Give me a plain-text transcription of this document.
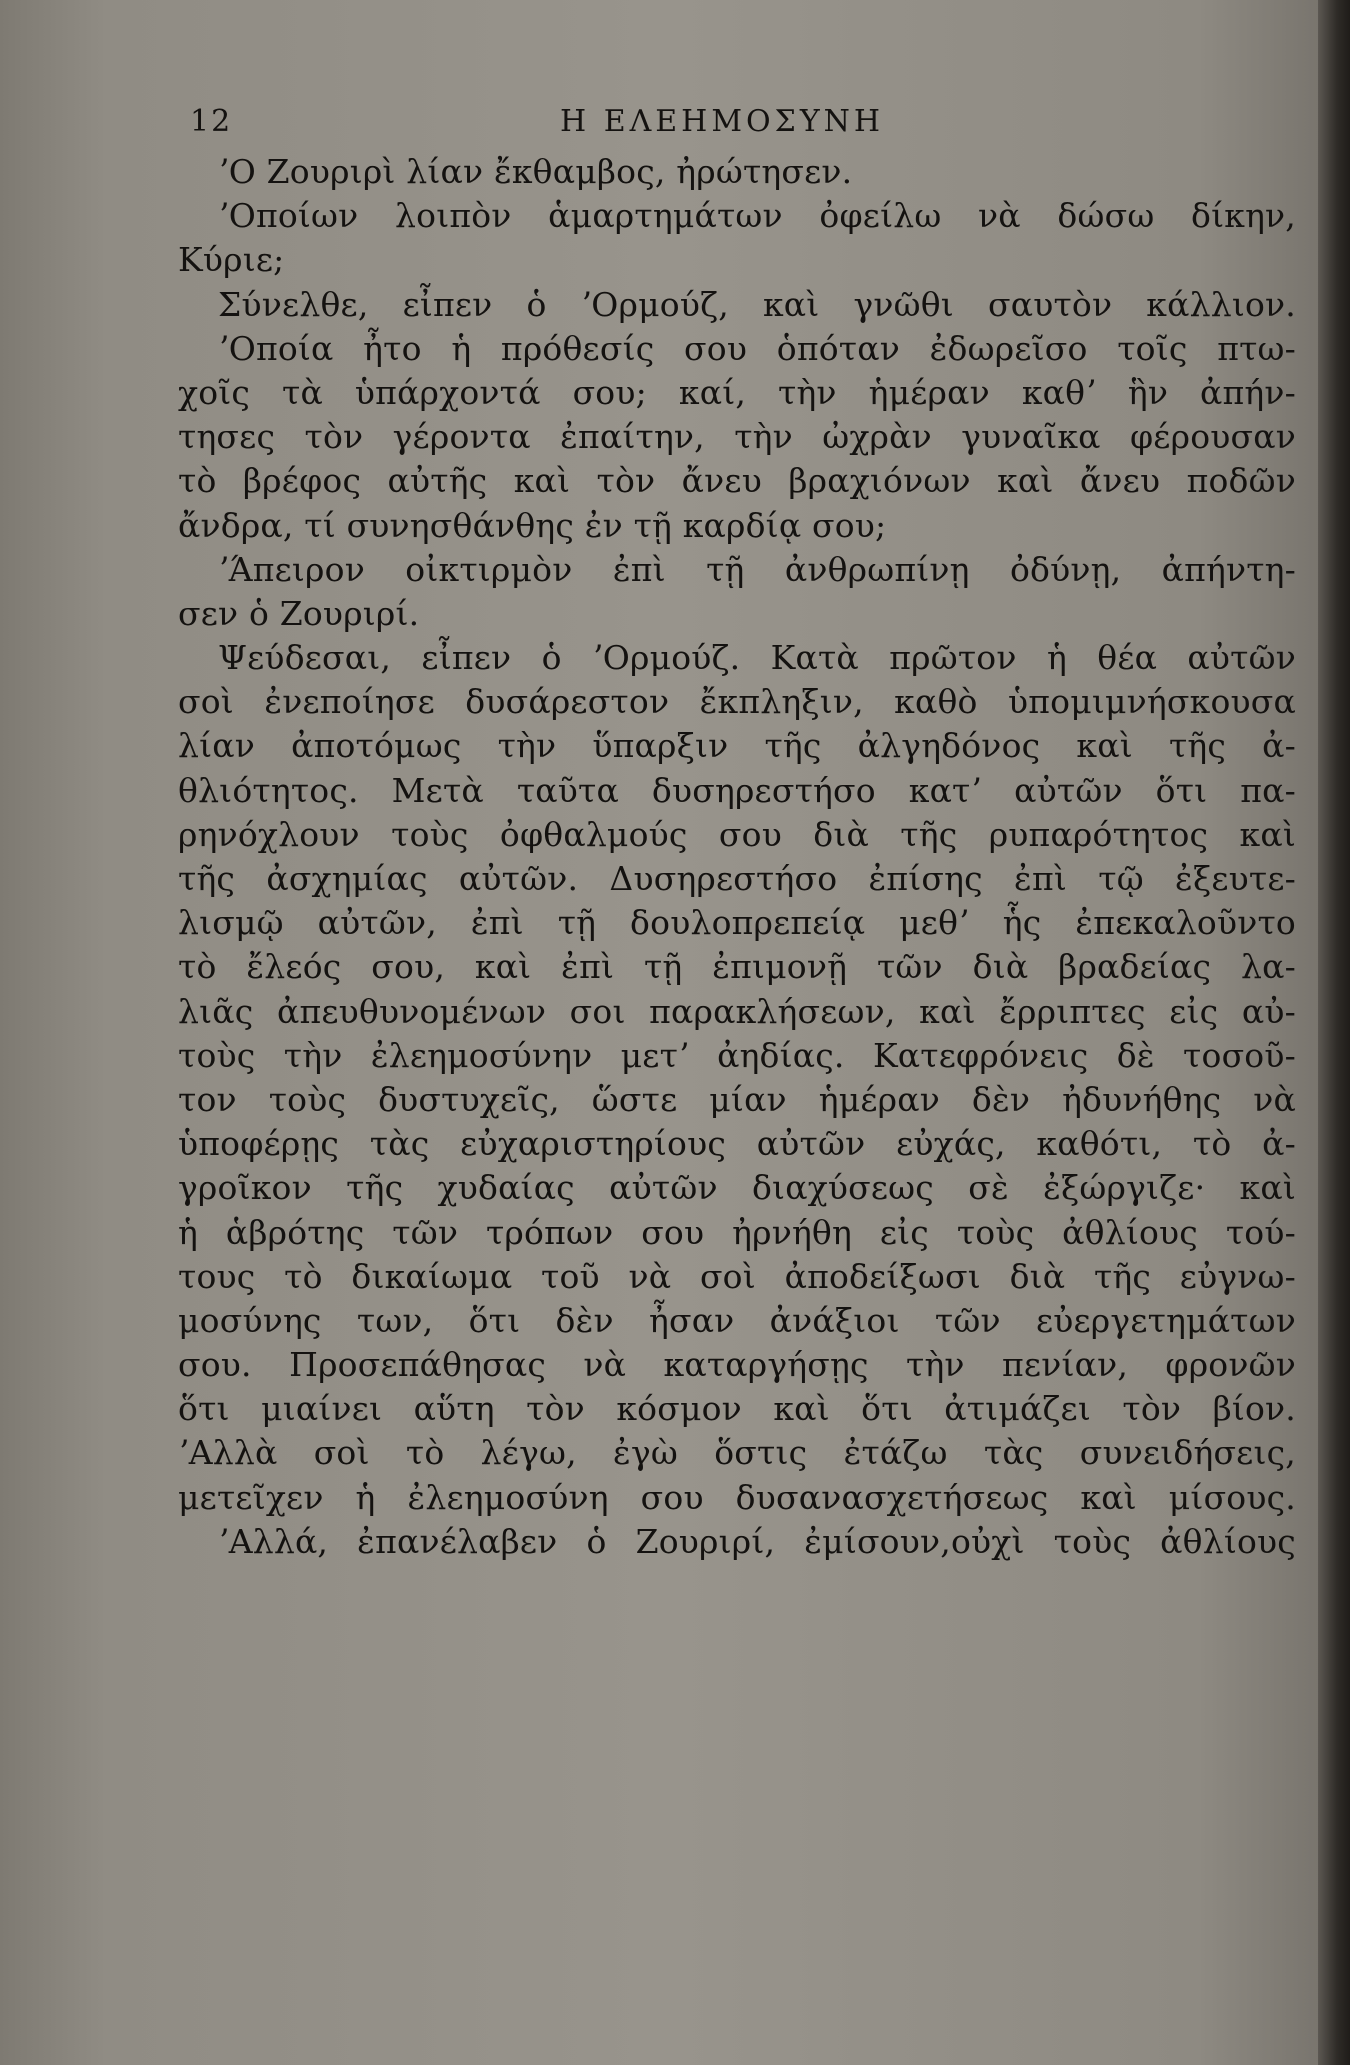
12	Η ΕΛΕΗΜΟΣΥΝΗ
ʼΟ Ζουριρὶ λίαν ἔκθαμβος, ἠρώτησεν.
ʼΟποίων λοιπὸν ἁμαρτημάτων ὀφείλω νὰ δώσω δίκην,
Κύριε;
Σύνελθε, εἶπεν ὁ ʼΟρμούζ, καὶ γνῶθι σαυτὸν κάλλιον.
ʼΟποία ἦτο ἡ πρόθεσίς σου ὁπόταν ἐδωρεῖσο τοῖς πτω-
χοῖς τὰ ὑπάρχοντά σου; καί, τὴν ἡμέραν καθʼ ἣν ἀπήν-
τησες τὸν γέροντα ἐπαίτην, τὴν ὠχρὰν γυναῖκα φέρουσαν
τὸ βρέφος αὐτῆς καὶ τὸν ἄνευ βραχιόνων καὶ ἄνευ ποδῶν
ἄνδρα, τί συνησθάνθης ἐν τῇ καρδίᾳ σου;
ʼΆπειρον οἰκτιρμὸν ἐπὶ τῇ ἀνθρωπίνῃ ὀδύνῃ, ἀπήντη-
σεν ὁ Ζουριρί.
Ψεύδεσαι, εἶπεν ὁ ʼΟρμούζ. Κατὰ πρῶτον ἡ θέα αὐτῶν
σοὶ ἐνεποίησε δυσάρεστον ἔκπληξιν, καθὸ ὑπομιμνήσκουσα
λίαν ἀποτόμως τὴν ὕπαρξιν τῆς ἀλγηδόνος καὶ τῆς ἀ-
θλιότητος. Μετὰ ταῦτα δυσηρεστήσο κατʼ αὐτῶν ὅτι πα-
ρηνόχλουν τοὺς ὀφθαλμούς σου διὰ τῆς ρυπαρότητος καὶ
τῆς ἀσχημίας αὐτῶν. Δυσηρεστήσο ἐπίσης ἐπὶ τῷ ἐξευτε-
λισμῷ αὐτῶν, ἐπὶ τῇ δουλοπρεπείᾳ μεθʼ ἧς ἐπεκαλοῦντο
τὸ ἔλεός σου, καὶ ἐπὶ τῇ ἐπιμονῇ τῶν διὰ βραδείας λα-
λιᾶς ἀπευθυνομένων σοι παρακλήσεων, καὶ ἔρριπτες εἰς αὐ-
τοὺς τὴν ἐλεημοσύνην μετʼ ἀηδίας. Κατεφρόνεις δὲ τοσοῦ-
τον τοὺς δυστυχεῖς, ὥστε μίαν ἡμέραν δὲν ἠδυνήθης νὰ
ὑποφέρῃς τὰς εὐχαριστηρίους αὐτῶν εὐχάς, καθότι, τὸ ἀ-
γροῖκον τῆς χυδαίας αὐτῶν διαχύσεως σὲ ἐξώργιζε· καὶ
ἡ ἁβρότης τῶν τρόπων σου ἠρνήθη εἰς τοὺς ἀθλίους τού-
τους τὸ δικαίωμα τοῦ νὰ σοὶ ἀποδείξωσι διὰ τῆς εὐγνω-
μοσύνης των, ὅτι δὲν ἦσαν ἀνάξιοι τῶν εὐεργετημάτων
σου. Προσεπάθησας νὰ καταργήσῃς τὴν πενίαν, φρονῶν
ὅτι μιαίνει αὕτη τὸν κόσμον καὶ ὅτι ἀτιμάζει τὸν βίον.
ʼΑλλὰ σοὶ τὸ λέγω, ἐγὼ ὅστις ἐτάζω τὰς συνειδήσεις,
μετεῖχεν ἡ ἐλεημοσύνη σου δυσανασχετήσεως καὶ μίσους.
ʼΑλλά, ἐπανέλαβεν ὁ Ζουριρί, ἐμίσουν,οὐχὶ τοὺς ἀθλίους
